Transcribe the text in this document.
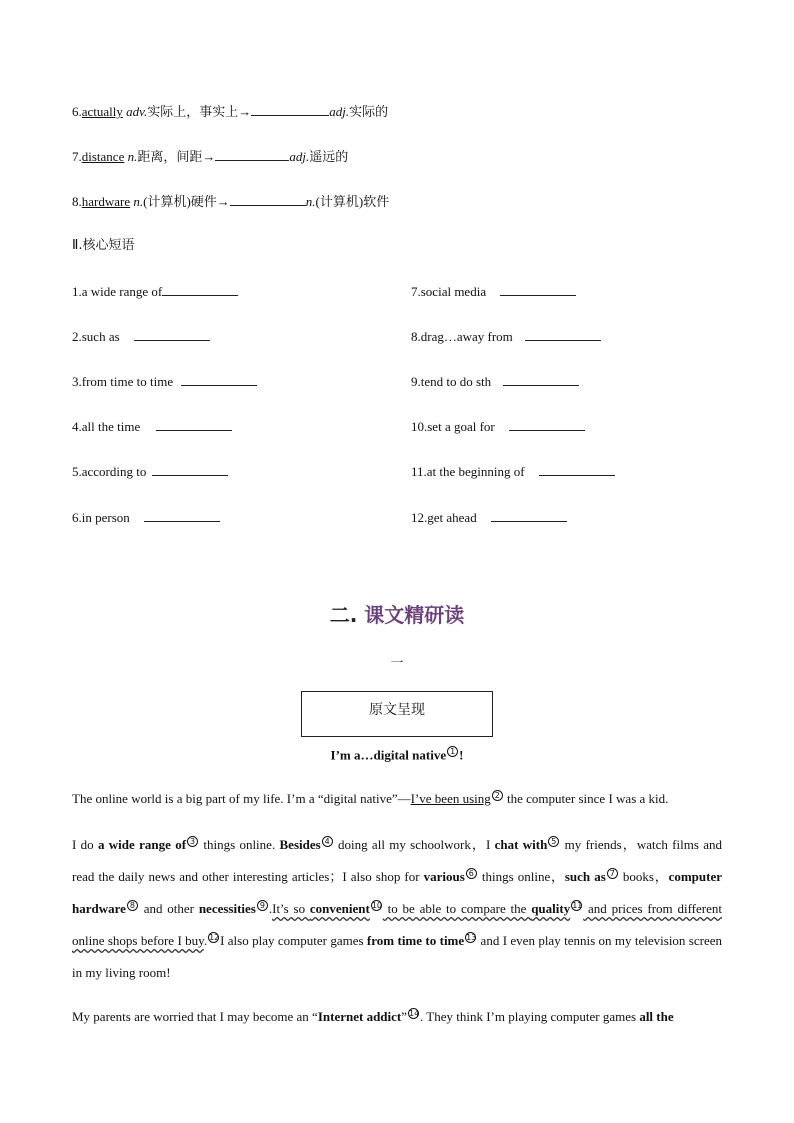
6.actually adv.实际上，事实上→	adj.实际的
7.distance n.距离，间距→	adj.遥远的
8.hardware n.(计算机)硬件→	n.(计算机)软件
Ⅱ.核心短语
1.a wide range of
2.such as
3.from time to time
4.all the time
5.according to
6.in person
7.social media
8.drag…away from
9.tend to do sth
10.set a goal for
11.at the beginning of
12.get ahead
二. 课文精研读
一
原文呈现
I’m a…digital native 1 !
The online world is a big part of my life. I’m a “digital native”—I’ve been using 2 the computer since I was a kid.
I do a wide range of 3 things online. Besides 4 doing all my schoolwork，I chat with 5 my friends，watch films and read the daily news and other interesting articles；I also shop for various 6 things online，such as 7 books，computer hardware 8 and other necessities 9 .It’s so convenient 10 to be able to compare the quality 11 and prices from different online shops before I buy. 12I also play computer games from time to time 13 and I even play tennis on my television screen in my living room!
My parents are worried that I may become an “Internet addict” 14. They think I’m playing computer games all the
